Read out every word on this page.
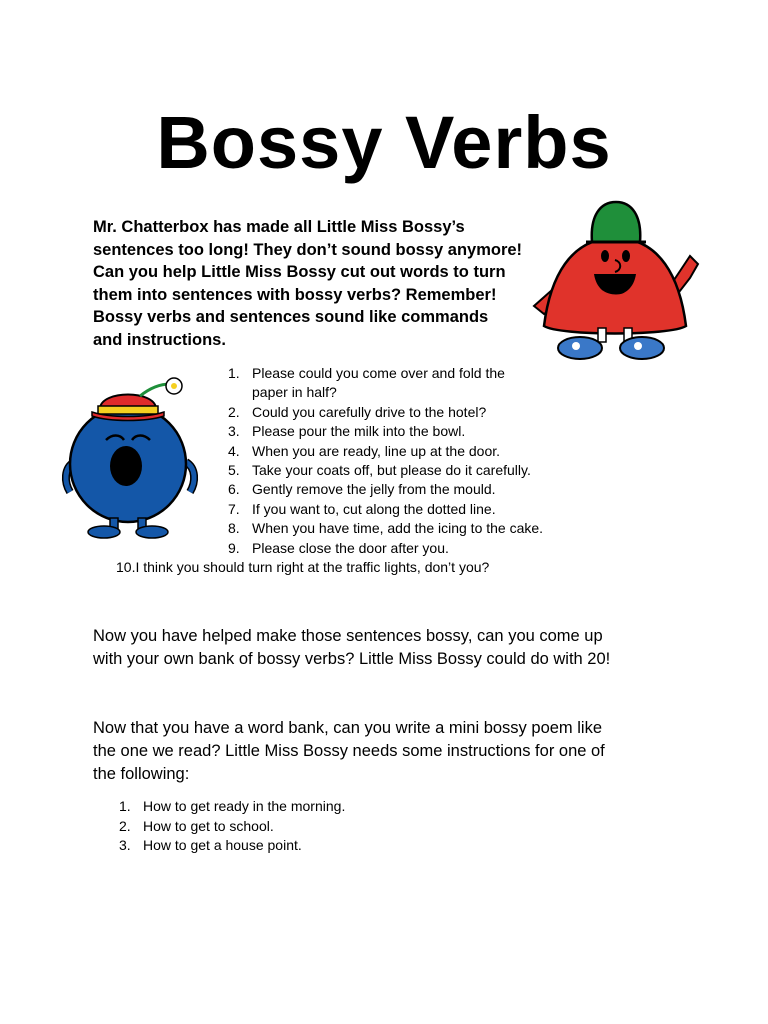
Bossy Verbs

Mr. Chatterbox has made all Little Miss Bossy’s
sentences too long! They don’t sound bossy anymore!
Can you help Little Miss Bossy cut out words to turn
them into sentences with bossy verbs? Remember!
Bossy verbs and sentences sound like commands
and instructions.

1. Please could you come over and fold the
paper in half?
2. Could you carefully drive to the hotel?
3. Please pour the milk into the bowl.
4. When you are ready, line up at the door.
5. Take your coats off, but please do it carefully.
6. Gently remove the jelly from the mould.
7. If you want to, cut along the dotted line.
8. When you have time, add the icing to the cake.
9. Please close the door after you.
10.I think you should turn right at the traffic lights, don’t you?

Now you have helped make those sentences bossy, can you come up
with your own bank of bossy verbs? Little Miss Bossy could do with 20!

Now that you have a word bank, can you write a mini bossy poem like
the one we read? Little Miss Bossy needs some instructions for one of
the following:

1. How to get ready in the morning.
2. How to get to school.
3. How to get a house point.
